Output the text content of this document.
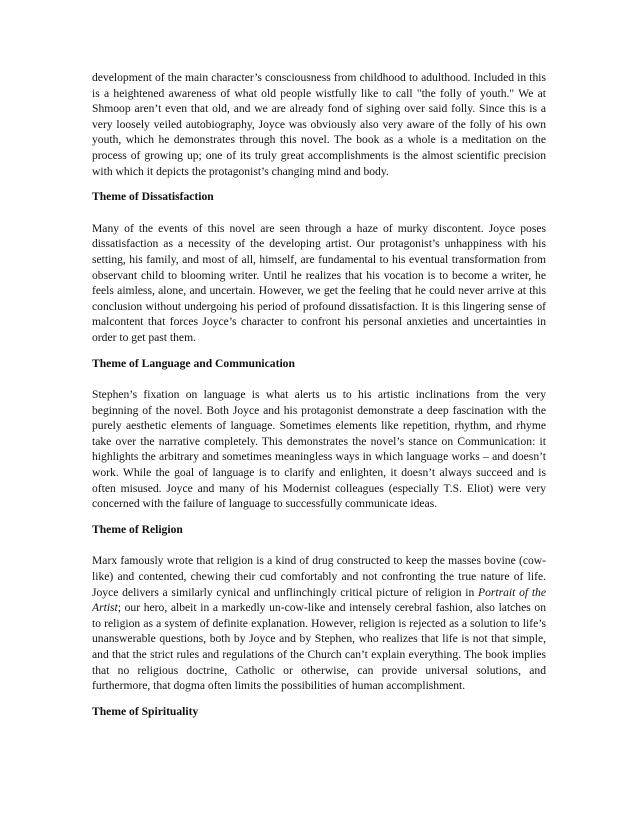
development of the main character’s consciousness from childhood to adulthood. Included in this is a heightened awareness of what old people wistfully like to call "the folly of youth." We at Shmoop aren’t even that old, and we are already fond of sighing over said folly. Since this is a very loosely veiled autobiography, Joyce was obviously also very aware of the folly of his own youth, which he demonstrates through this novel. The book as a whole is a meditation on the process of growing up; one of its truly great accomplishments is the almost scientific precision with which it depicts the protagonist’s changing mind and body.

Theme of Dissatisfaction

Many of the events of this novel are seen through a haze of murky discontent. Joyce poses dissatisfaction as a necessity of the developing artist. Our protagonist’s unhappiness with his setting, his family, and most of all, himself, are fundamental to his eventual transformation from observant child to blooming writer. Until he realizes that his vocation is to become a writer, he feels aimless, alone, and uncertain. However, we get the feeling that he could never arrive at this conclusion without undergoing his period of profound dissatisfaction. It is this lingering sense of malcontent that forces Joyce’s character to confront his personal anxieties and uncertainties in order to get past them.

Theme of Language and Communication

Stephen’s fixation on language is what alerts us to his artistic inclinations from the very beginning of the novel. Both Joyce and his protagonist demonstrate a deep fascination with the purely aesthetic elements of language. Sometimes elements like repetition, rhythm, and rhyme take over the narrative completely. This demonstrates the novel’s stance on Communication: it highlights the arbitrary and sometimes meaningless ways in which language works – and doesn’t work. While the goal of language is to clarify and enlighten, it doesn’t always succeed and is often misused. Joyce and many of his Modernist colleagues (especially T.S. Eliot) were very concerned with the failure of language to successfully communicate ideas.

Theme of Religion

Marx famously wrote that religion is a kind of drug constructed to keep the masses bovine (cow-like) and contented, chewing their cud comfortably and not confronting the true nature of life. Joyce delivers a similarly cynical and unflinchingly critical picture of religion in Portrait of the Artist; our hero, albeit in a markedly un-cow-like and intensely cerebral fashion, also latches on to religion as a system of definite explanation. However, religion is rejected as a solution to life’s unanswerable questions, both by Joyce and by Stephen, who realizes that life is not that simple, and that the strict rules and regulations of the Church can’t explain everything. The book implies that no religious doctrine, Catholic or otherwise, can provide universal solutions, and furthermore, that dogma often limits the possibilities of human accomplishment.

Theme of Spirituality
